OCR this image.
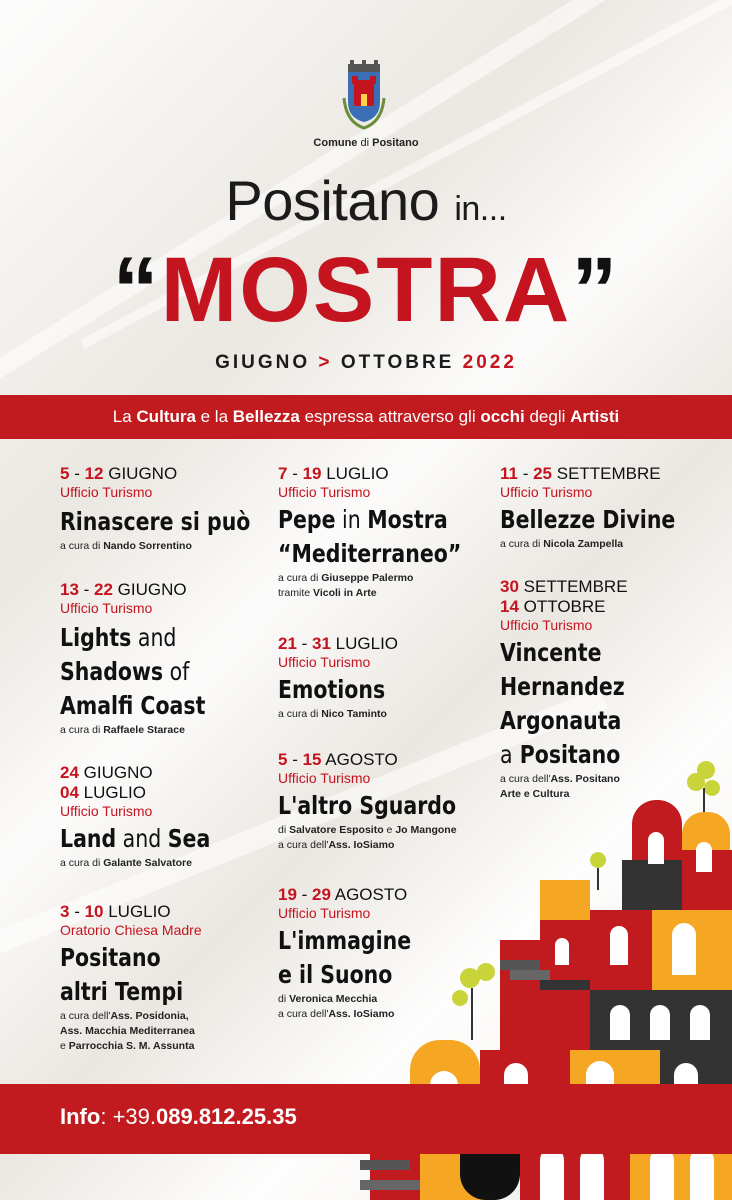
Comune di Positano
Positano in...
“MOSTRA”
GIUGNO > OTTOBRE 2022
La Cultura e la Bellezza espressa attraverso gli occhi degli Artisti
5 - 12 GIUGNO
Ufficio Turismo
Rinascere si può
a cura di Nando Sorrentino
13 - 22 GIUGNO
Ufficio Turismo
Lights and
Shadows of
Amalfi Coast
a cura di Raffaele Starace
24 GIUGNO
04 LUGLIO
Ufficio Turismo
Land and Sea
a cura di Galante Salvatore
3 - 10 LUGLIO
Oratorio Chiesa Madre
Positano
altri Tempi
a cura dell'Ass. Posidonia,
Ass. Macchia Mediterranea
e Parrocchia S. M. Assunta
7 - 19 LUGLIO
Ufficio Turismo
Pepe in Mostra
“Mediterraneo”
a cura di Giuseppe Palermo
tramite Vicoli in Arte
21 - 31 LUGLIO
Ufficio Turismo
Emotions
a cura di Nico Taminto
5 - 15 AGOSTO
Ufficio Turismo
L'altro Sguardo
di Salvatore Esposito e Jo Mangone
a cura dell'Ass. IoSiamo
19 - 29 AGOSTO
Ufficio Turismo
L'immagine
e il Suono
di Veronica Mecchia
a cura dell'Ass. IoSiamo
11 - 25 SETTEMBRE
Ufficio Turismo
Bellezze Divine
a cura di Nicola Zampella
30 SETTEMBRE
14 OTTOBRE
Ufficio Turismo
Vincente
Hernandez
Argonauta
a Positano
a cura dell'Ass. Positano
Arte e Cultura
Info: +39.089.812.25.35
